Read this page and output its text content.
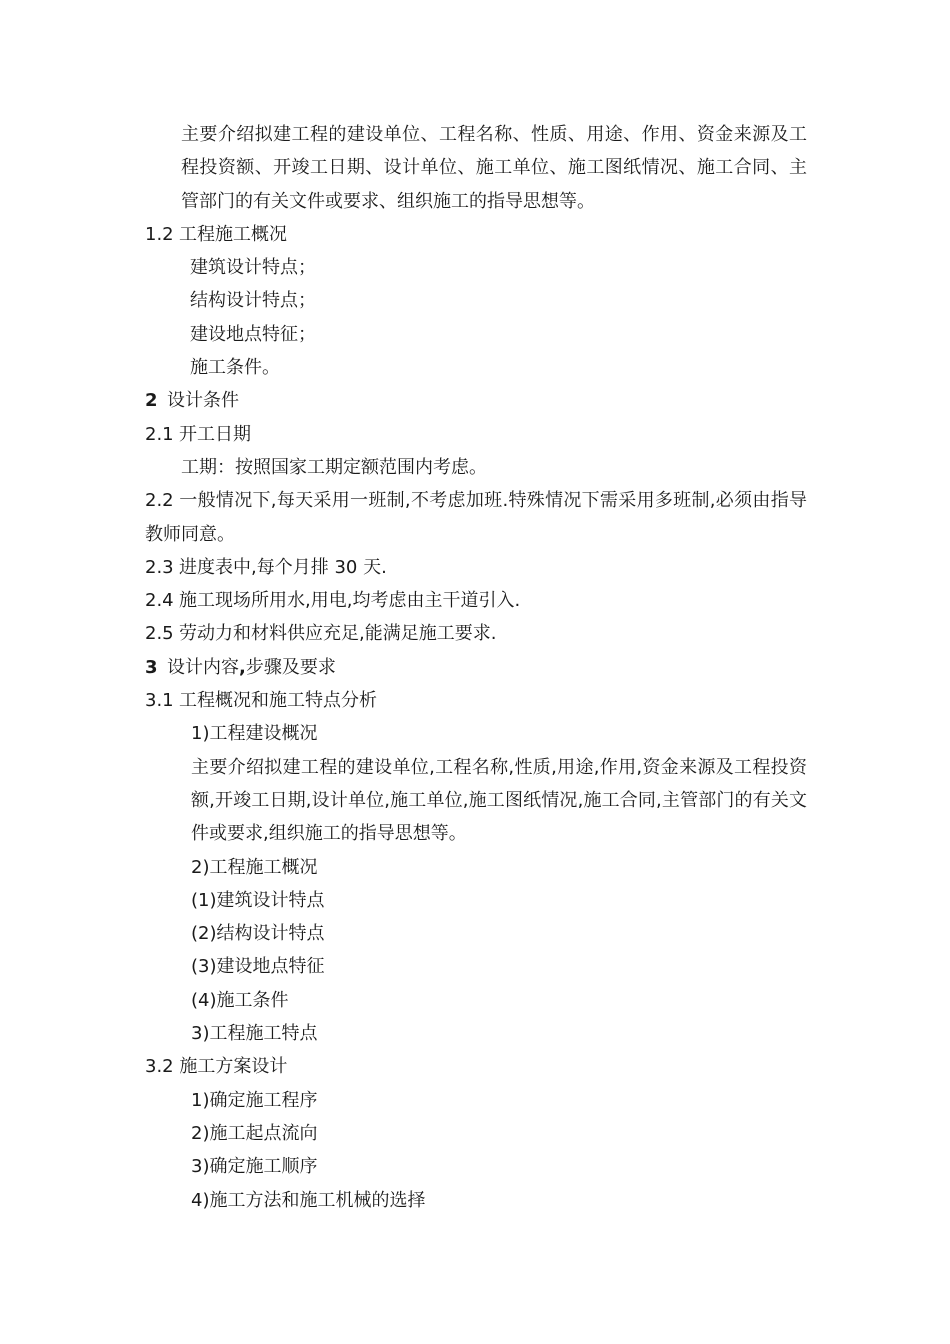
主要介绍拟建工程的建设单位、工程名称、性质、用途、作用、资金来源及工程投资额、开竣工日期、设计单位、施工单位、施工图纸情况、施工合同、主管部门的有关文件或要求、组织施工的指导思想等。
1.2 工程施工概况
建筑设计特点；
结构设计特点；
建设地点特征；
施工条件。
2 设计条件
2.1 开工日期
工期：按照国家工期定额范围内考虑。
2.2 一般情况下,每天采用一班制,不考虑加班.特殊情况下需采用多班制,必须由指导教师同意。
2.3 进度表中,每个月排 30 天.
2.4 施工现场所用水,用电,均考虑由主干道引入.
2.5 劳动力和材料供应充足,能满足施工要求.
3 设计内容,步骤及要求
3.1 工程概况和施工特点分析
1)工程建设概况
主要介绍拟建工程的建设单位,工程名称,性质,用途,作用,资金来源及工程投资额,开竣工日期,设计单位,施工单位,施工图纸情况,施工合同,主管部门的有关文件或要求,组织施工的指导思想等。
2)工程施工概况
(1)建筑设计特点
(2)结构设计特点
(3)建设地点特征
(4)施工条件
3)工程施工特点
3.2 施工方案设计
1)确定施工程序
2)施工起点流向
3)确定施工顺序
4)施工方法和施工机械的选择
